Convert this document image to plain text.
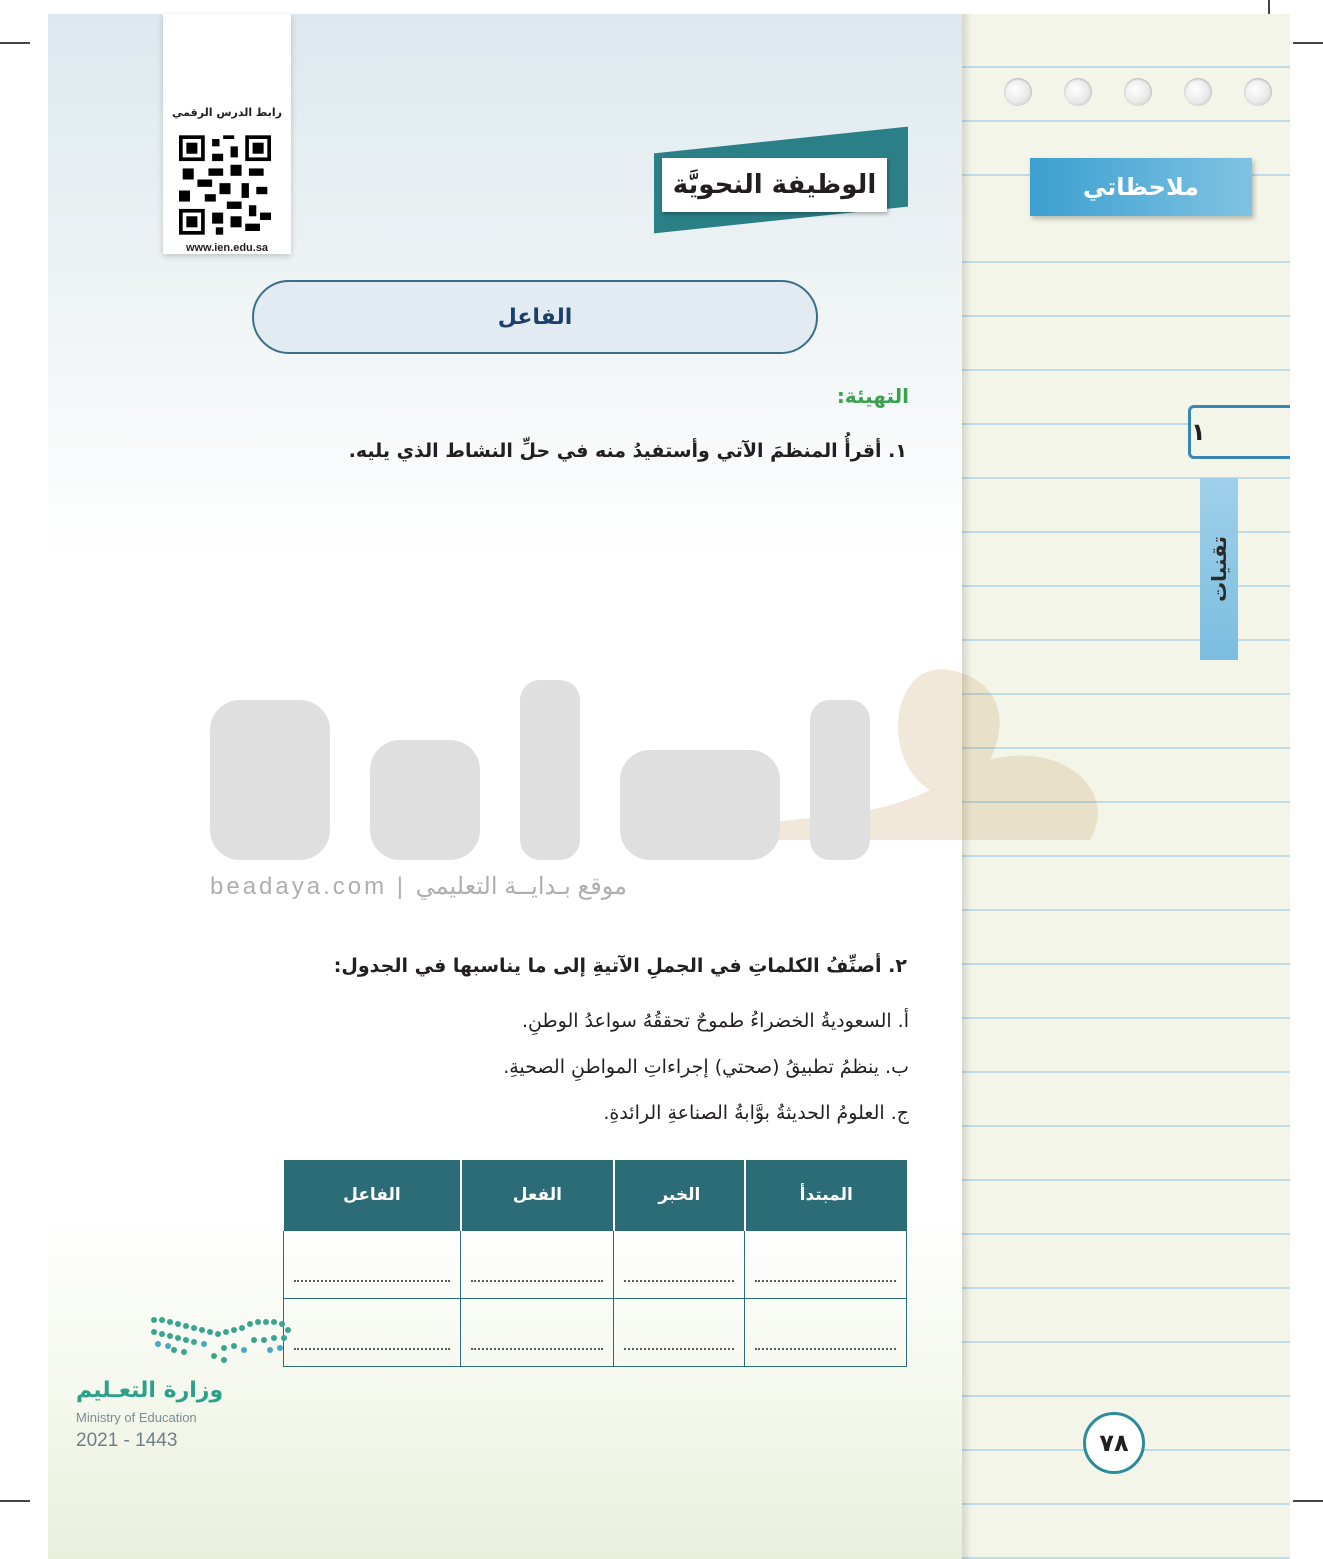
ملاحظاتي
١
تقنيات
٧٨
رابط الدرس الرقمي
www.ien.edu.sa
الوظيفة النحويَّة
الفاعل
التهيئة:
١. أقرأُ المنظمَ الآتي وأستفيدُ منه في حلِّ النشاط الذي يليه.
beadaya.com | موقع بـدايــة التعليمي
٢. أصنِّفُ الكلماتِ في الجملِ الآتيةِ إلى ما يناسبها في الجدول:
أ. السعوديةُ الخضراءُ طموحٌ تحققُهُ سواعدُ الوطنِ.
ب. ينظمُ تطبيقُ (صحتي) إجراءاتِ المواطنِ الصحيةِ.
ج. العلومُ الحديثةُ بوَّابةُ الصناعةِ الرائدةِ.
المبتدأ	الخبر	الفعل	الفاعل

وزارة التعـليم
Ministry of Education
2021 - 1443
